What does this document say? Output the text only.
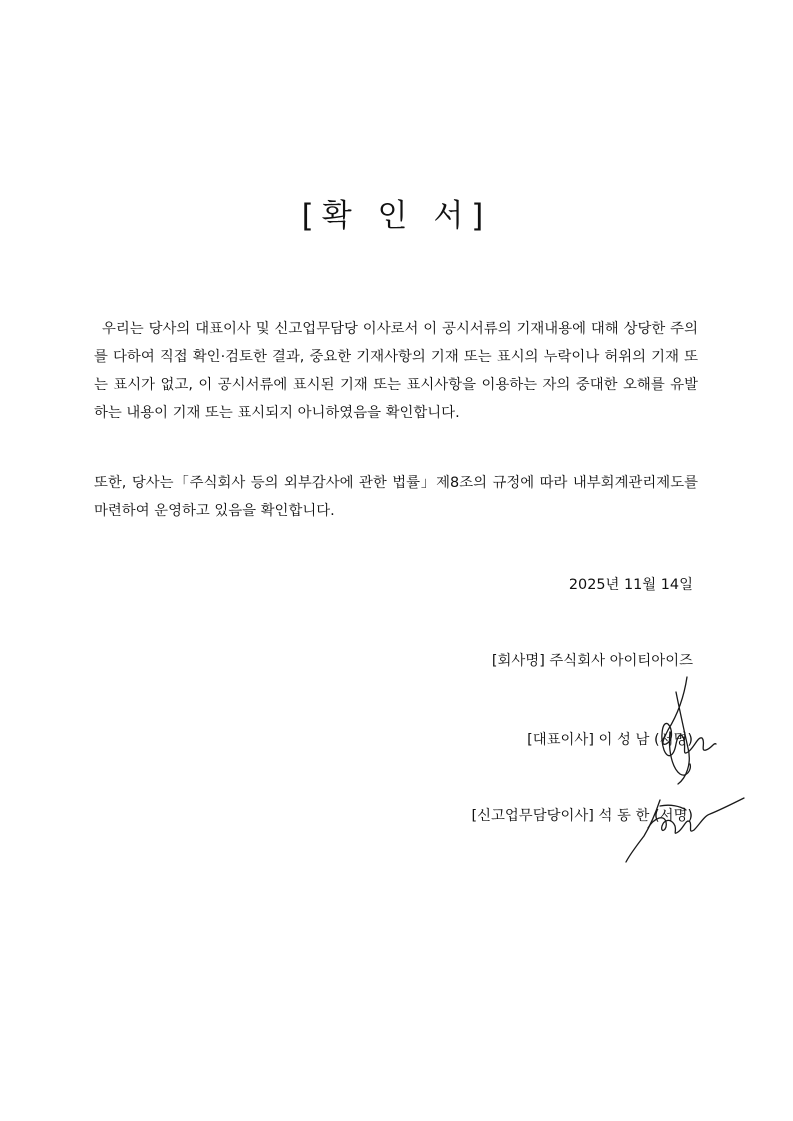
[확 인 서]

우리는 당사의 대표이사 및 신고업무담당 이사로서 이 공시서류의 기재내용에 대해 상당한 주의를 다하여 직접 확인·검토한 결과, 중요한 기재사항의 기재 또는 표시의 누락이나 허위의 기재 또는 표시가 없고, 이 공시서류에 표시된 기재 또는 표시사항을 이용하는 자의 중대한 오해를 유발하는 내용이 기재 또는 표시되지 아니하였음을 확인합니다.

또한, 당사는「주식회사 등의 외부감사에 관한 법률」제8조의 규정에 따라 내부회계관리제도를 마련하여 운영하고 있음을 확인합니다.

2025년 11월 14일

[회사명] 주식회사 아이티아이즈

[대표이사] 이 성 남 (서명)

[신고업무담당이사] 석 동 한 (서명)
